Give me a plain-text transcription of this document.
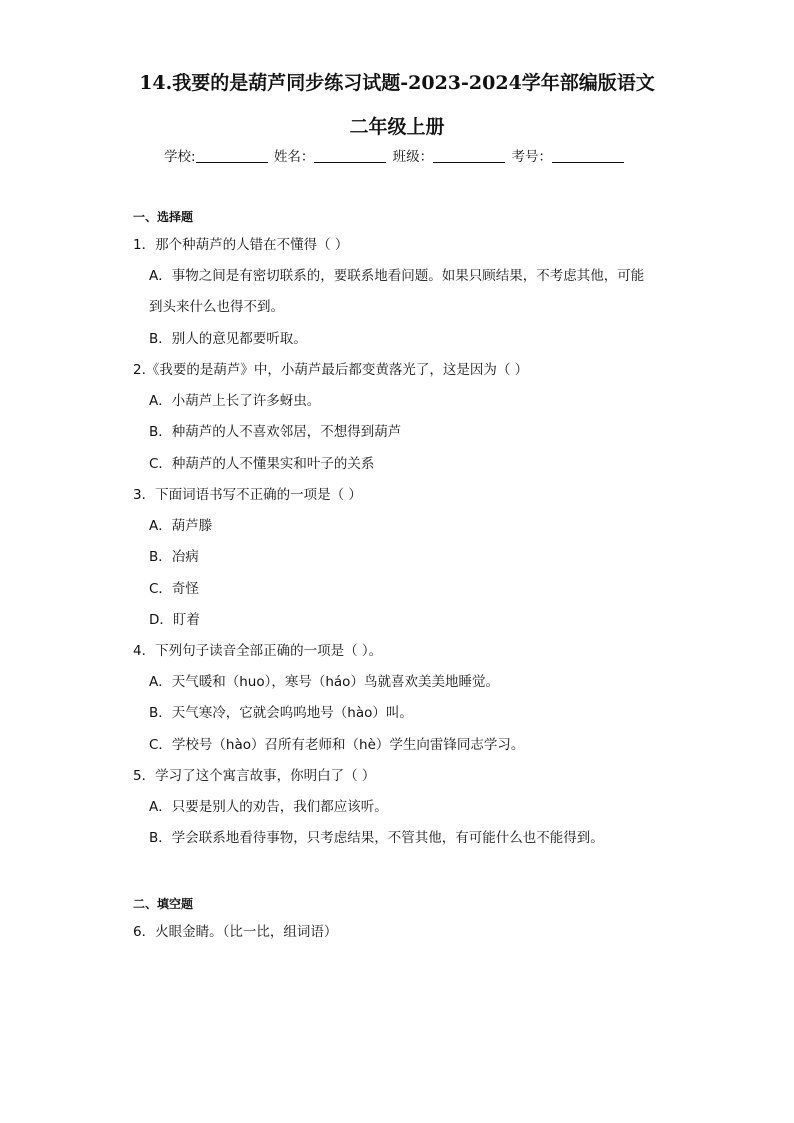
14.我要的是葫芦同步练习试题-2023-2024学年部编版语文
二年级上册
学校:	姓名：	班级：	考号：
一、选择题
1．那个种葫芦的人错在不懂得（ ）
A．事物之间是有密切联系的，要联系地看问题。如果只顾结果，不考虑其他，可能
到头来什么也得不到。
B．别人的意见都要听取。
2.《我要的是葫芦》中，小葫芦最后都变黄落光了，这是因为（ ）
A．小葫芦上长了许多蚜虫。
B．种葫芦的人不喜欢邻居，不想得到葫芦
C．种葫芦的人不懂果实和叶子的关系
3．下面词语书写不正确的一项是（ ）
A．葫芦滕
B．冶病
C．奇怪
D．盯着
4．下列句子读音全部正确的一项是（ ）。
A．天气暖和（huo），寒号（háo）鸟就喜欢美美地睡觉。
B．天气寒冷，它就会呜呜地号（hào）叫。
C．学校号（hào）召所有老师和（hè）学生向雷锋同志学习。
5．学习了这个寓言故事，你明白了（ ）
A．只要是别人的劝告，我们都应该听。
B．学会联系地看待事物，只考虑结果，不管其他，有可能什么也不能得到。
二、填空题
6．火眼金睛。（比一比，组词语）
